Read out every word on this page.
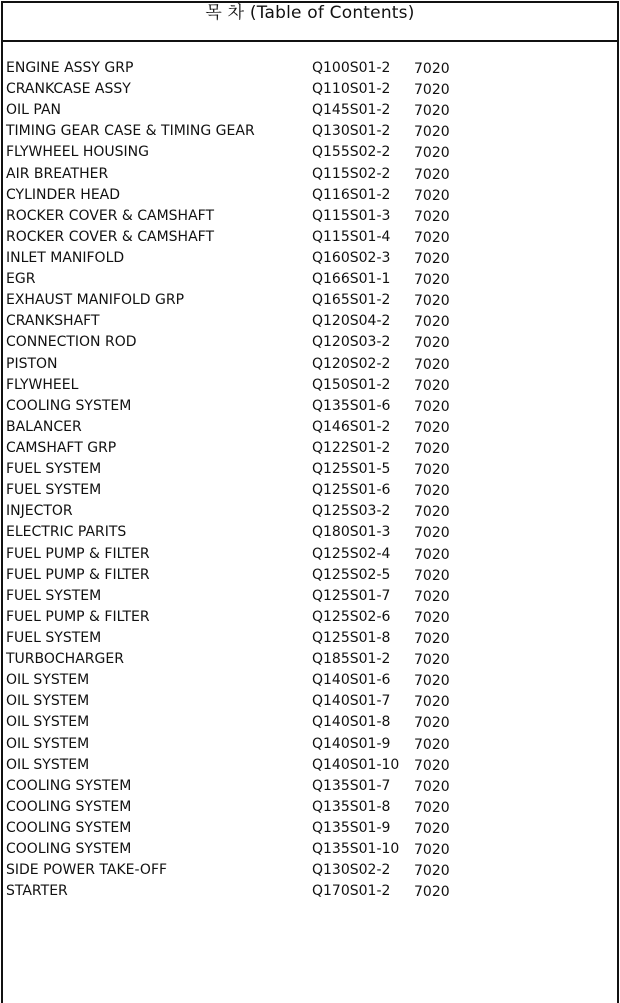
목 차 (Table of Contents)
ENGINE ASSY GRP	Q100S01-2 7020
CRANKCASE ASSY	Q110S01-2 7020
OIL PAN	Q145S01-2 7020
TIMING GEAR CASE & TIMING GEAR	Q130S01-2 7020
FLYWHEEL HOUSING	Q155S02-2 7020
AIR BREATHER	Q115S02-2 7020
CYLINDER HEAD	Q116S01-2 7020
ROCKER COVER & CAMSHAFT	Q115S01-3 7020
ROCKER COVER & CAMSHAFT	Q115S01-4 7020
INLET MANIFOLD	Q160S02-3 7020
EGR	Q166S01-1 7020
EXHAUST MANIFOLD GRP	Q165S01-2 7020
CRANKSHAFT	Q120S04-2 7020
CONNECTION ROD	Q120S03-2 7020
PISTON	Q120S02-2 7020
FLYWHEEL	Q150S01-2 7020
COOLING SYSTEM	Q135S01-6 7020
BALANCER	Q146S01-2 7020
CAMSHAFT GRP	Q122S01-2 7020
FUEL SYSTEM	Q125S01-5 7020
FUEL SYSTEM	Q125S01-6 7020
INJECTOR	Q125S03-2 7020
ELECTRIC PARITS	Q180S01-3 7020
FUEL PUMP & FILTER	Q125S02-4 7020
FUEL PUMP & FILTER	Q125S02-5 7020
FUEL SYSTEM	Q125S01-7 7020
FUEL PUMP & FILTER	Q125S02-6 7020
FUEL SYSTEM	Q125S01-8 7020
TURBOCHARGER	Q185S01-2 7020
OIL SYSTEM	Q140S01-6 7020
OIL SYSTEM	Q140S01-7 7020
OIL SYSTEM	Q140S01-8 7020
OIL SYSTEM	Q140S01-9 7020
OIL SYSTEM	Q140S01-10 7020
COOLING SYSTEM	Q135S01-7 7020
COOLING SYSTEM	Q135S01-8 7020
COOLING SYSTEM	Q135S01-9 7020
COOLING SYSTEM	Q135S01-10 7020
SIDE POWER TAKE-OFF	Q130S02-2 7020
STARTER	Q170S01-2 7020
